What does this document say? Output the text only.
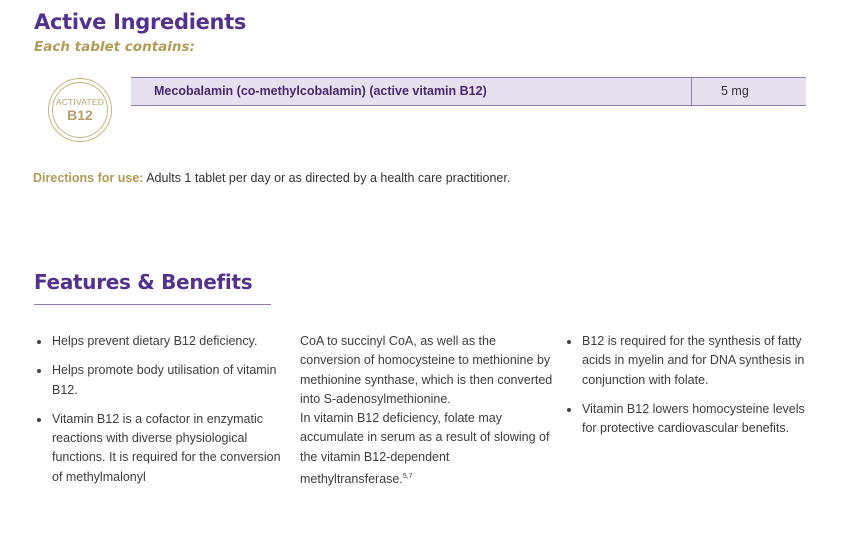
Active Ingredients
Each tablet contains:
ACTIVATED
B12
Mecobalamin (co-methylcobalamin) (active vitamin B12)	5 mg
Directions for use: Adults 1 tablet per day or as directed by a health care practitioner.
Features & Benefits
Helps prevent dietary B12 deficiency.
Helps promote body utilisation of vitamin B12.
Vitamin B12 is a cofactor in enzymatic reactions with diverse physiological functions. It is required for the conversion of methylmalonyl

CoA to succinyl CoA, as well as the conversion of homocysteine to methionine by methionine synthase, which is then converted into S-adenosylmethionine.

In vitamin B12 deficiency, folate may accumulate in serum as a result of slowing of the vitamin B12-dependent methyltransferase.$^{5,7}$

B12 is required for the synthesis of fatty acids in myelin and for DNA synthesis in conjunction with folate.
Vitamin B12 lowers homocysteine levels for protective cardiovascular benefits.
